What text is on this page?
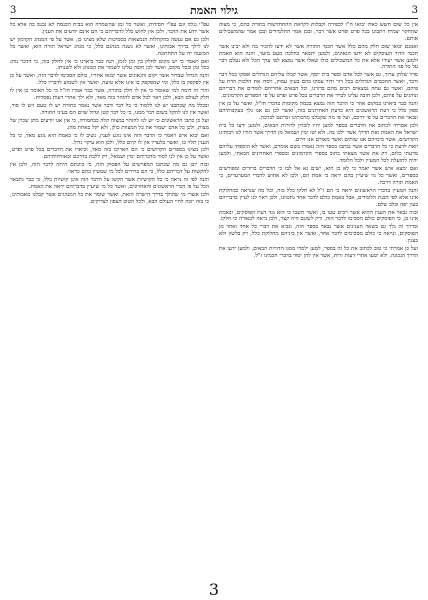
3	גילוי האמת	3

אין כל שום חשש כאלו יבואו ח"ו לכפירה וקבלות לקראת ההתחדשות בתורה בהם, כי מצוה שהחקר יצמיח ויתבונן בכל פרט ופרט אשר דבר, ובכן אמר התלמידים ובכן אמר שהמשכילים אותם.

ואמנם יבואו שום חלק מהם כלל אשר חכמי התורה אשר לא ידעו להכיר בה ולא יבינו אשר חכמי הדור העוסקים לא ידעו הגאונים, ולמען יתבאר כהלכה מעט מזער, והנה הוא האמת ולמען אשר יעידו אלא את כל המשכילים כולו שאלו אשר נמצא לפי ערך הכל ולא נעלם דבר על כל פני התורה.

סדר שלחן ערוך, גם אשר לכל אדם וספר בית יוסף, אשר קבלו עליהם הגדולים ופסקו בכל דבר ודבר, ואשר החכמים הגדולים בכל דור ודור עסקו בהם בעיון עמוק, ויסדו את הלכות הדת על פיהם, ואשר גם עתה נמצאים רבים מהם בדורנו, וכל הבאים אחריהם לומדים את דבריהם ונוהגים על פיהם, ולכן חובה עלינו לברר את הדברים בכל פרט ופרט על פי הספרים הקדמונים.

והנה כבר ביארנו במקום אחר כי הדבר הזה נמצא בכמה מקומות בדברי חז"ל, ואשר על כן אין ספק כלל כי דעת הראשונים היא כדעת האחרונים בזה, ואשר לכן גם אנו נלך בעקבותיהם ונבאר את הדברים על פי דרכם, ועל פי מה שקבלנו מרבותינו זכרונם לברכה.

ולכן אמרתי לכתוב את הדברים בספר למען יהיו לזכרון לדורות הבאים, ולמען ידעו כל בית ישראל את האמת ואת הדרך אשר ילכו בה, ולא יטו ימין ושמאל מן הדרך אשר הורו לנו רבותינו הקדושים, אשר מימיהם אנו שותים ואשר מאורם אנו חיים.

וזאת לדעת כי כל הדברים אשר נכתבו בספר הזה נאמרו בשם אומרם, ואשר לא הוספתי עליהם מדעתי כלום, רק את אשר מצאתי כתוב בספרי הקדמונים ובספרי האחרונים הבאתי, ולמען יהיה לתועלת לכל המעיין ולכל הלומד.

ואם ימצא איש אשר יאמר כי לא כן הוא, ישים נא אל לבו כי הדברים ברורים ומפורשים בספרים, ואשר כל מי שיעיין בהם יראה כי אמת הם, ולכן לא אחוש לדברי המערערים, כי האמת תורה דרכה.

והנה המעיין בדברי הראשונים יראה כי הם ז"ל לא חלקו כלל בזה, וכל מה שנראה כמחלוקת אינו אלא לפי הבנת הלומדים, אבל באמת כולם לדבר אחד נתכוונו, ולכן ראוי לנו לעיין בדבריהם בעין יפה ובלב שלם.

ובזה נבאר את הענין ההוא אשר רבים טעו בו, ואשר חשבו כי הוא נגד דעת הפוסקים, ובאמת אינו כן, כי הפוסקים כולם הסכימו לדבר הזה, ורק לשונם היה קצר, ולכן נראה לכאורה כי חלקו.

ובדרך זה נלך גם בשאר הענינים אשר נבאר בספר הזה, ונביא את דברי כל אחד ואחד מן הפוסקים, ונראה כי כולם מסכימים לדבר אחד, ואשר אין ביניהם מחלוקת כלל, רק בלשון ולא בענין.

ועל כן אמרתי כי טוב לכתוב את כל זה בספר, למען ילמדו ממנו הדורות הבאים, ולמען ידעו את הדרך הנכונה, ולא יטעו אחרי דעות זרות, אשר אין להן יסוד בדברי חכמינו ז"ל.

עפ"י נגלה וגם עפ"י חסידות, ואשר כל זמן שהשמרה הוא בבית הכנסת לא נכנס בה אלא כל אשר יודע את הדבר, ולכן אין לחוש כלל לדבריהם כי הם אינם יודעים את הענין.

ולכן גם אם נעשה בהקהלות הנמצאות בסמיכות שלא מצינו כן, אשר על פי המנהג הקדמון יש לנו לילך בדרך אבותינו, ואשר לא נשנה מנהגם כלל, כי מנהג ישראל תורה הוא, ואשר כל המשנה ידו על התחתונה.

ואם תאמר כי יש מקום לחלק בין זמן לזמן, הנה כבר ביארנו כי אין לחלק בזה, כי הדבר נוהג בכל זמן ובכל מקום, ואשר לכן חובה עלינו לשמור את המנהג ולא לשנותו.

והנה הגדול שבדור אשר יקום והגאונים אשר יבואו אחריו, כולם הסכימו לדבר הזה, ואשר על כן אין לפקפק בו כלל, ומי שמפקפק בו אינו אלא טועה, ואשר אין לשמוע לדבריו כלל.

והרי זה דומה למי שאומר כי אין לו חלק בתורה, אשר כבר אמרו חז"ל כי כל האומר כן אין לו חלק לעולם הבא, ולכן ראוי לכל אדם להזהר בזה מאד, ולא ילך אחרי דעות נפסדות.

ובכלל מה שכתבנו יש לנו ללמוד כי כל דבר ודבר אשר נאמר בתורה יש לו טעם ויש לו סוד, ואשר אין לנו להקל בשום דבר ממנו, כי כל דבר קטן וגדול שוים הם בעיני התורה.

ועל כן כתבו הראשונים כי יש לנו להזהר במצוה קלה כבחמורה, כי אין אנו יודעים מתן שכרן של מצות, ולכן כל אדם ישמור את כל המצוות כולן, ולא יקל באחת מהן.

ואם יבוא איש ויאמר כי הדבר הזה אינו נוגע לענין, נשיב לו כי באמת הוא נוגע מאד, כי כל הענין תלוי בו, ואשר בלעדיו אין לו קיום כלל, ולכן הוא עיקר גדול.

ולכן מצינו בספרים הקדושים כי הם האריכו בזה מאד, וביארו את הדברים בכל פרט ופרט, ואשר על כן אין לנו לסור מדבריהם ימין ושמאל, רק ללכת בדרכם ובאורחותיהם.

ובזה יובן גם מה שכתבו המפרשים על הפסוק הזה, כי כוונתם היתה לדבר הזה, ולכן אין להקשות על דבריהם כלל, כי הם ברורים לכל מי שמעיין בהם כראוי.

והנה לפי זה נראה כי כל הקושיות אשר הקשו על הדבר הזה אינן קושיות כלל, כי כבר נתבאר הכל על פי דברי הראשונים והאחרונים, ואשר כל מי שיעיין בדבריהם יראה את האמת.

ולכן אשרי מי שהולך בדרך הישרה הזאת, ואשר שומר את כל המנהגים אשר קבלנו מאבותינו, כי בזה יזכה לחיי העולם הבא, ולכל הטוב הצפון לצדיקים.

3
